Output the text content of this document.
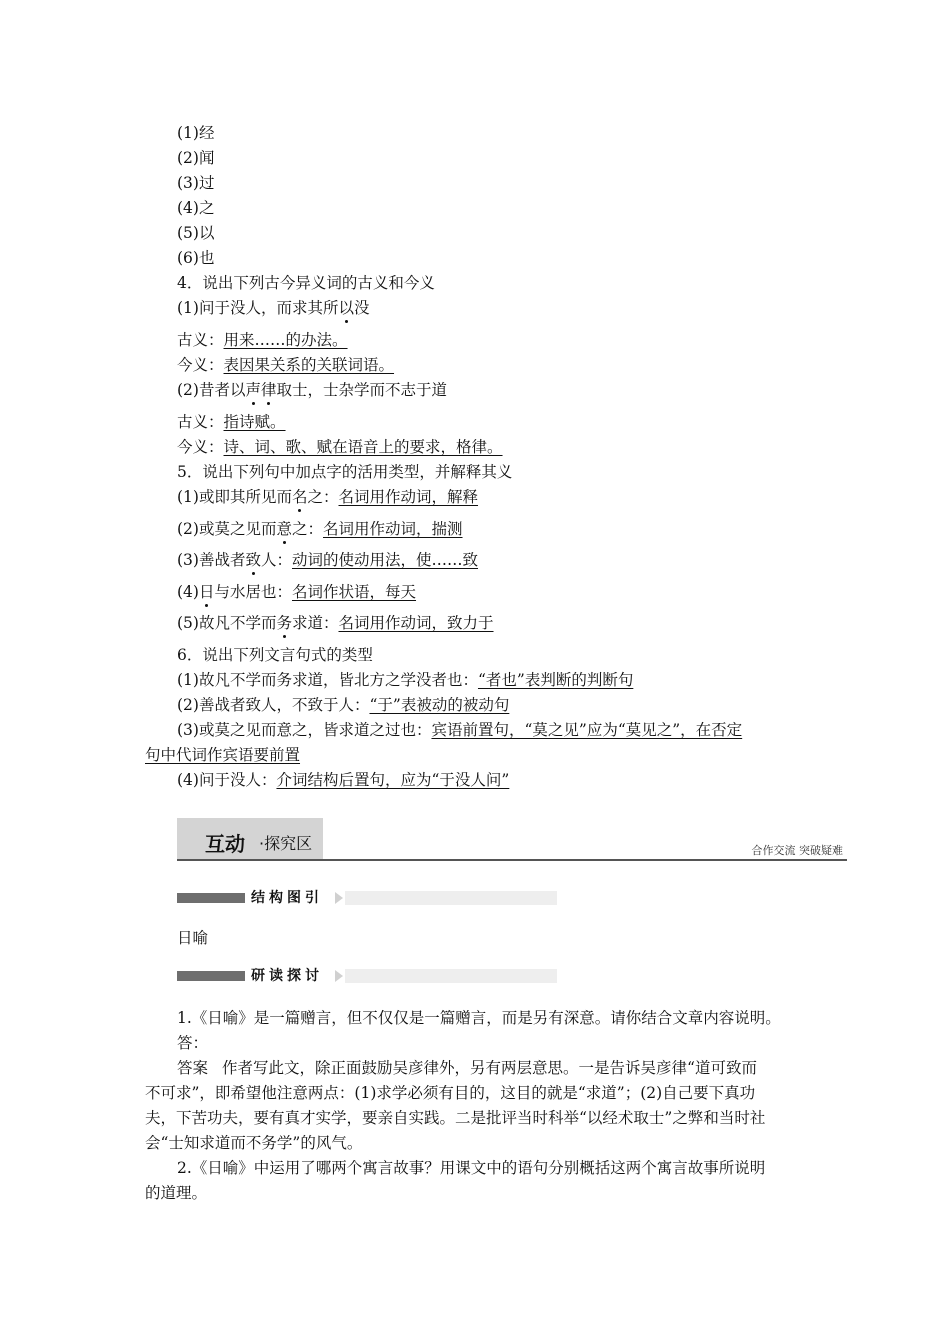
(1)经
(2)闻
(3)过
(4)之
(5)以
(6)也
4．说出下列古今异义词的古义和今义
(1)问于没人，而求其所以没
古义：用来……的办法。
今义：表因果关系的关联词语。
(2)昔者以声律取士，士杂学而不志于道
古义：指诗赋。
今义：诗、词、歌、赋在语音上的要求，格律。
5．说出下列句中加点字的活用类型，并解释其义
(1)或即其所见而名之：名词用作动词，解释
(2)或莫之见而意之：名词用作动词，揣测
(3)善战者致人：动词的使动用法，使……致
(4)日与水居也：名词作状语，每天
(5)故凡不学而务求道：名词用作动词，致力于
6．说出下列文言句式的类型
(1)故凡不学而务求道，皆北方之学没者也：“者也”表判断的判断句
(2)善战者致人，不致于人：“于”表被动的被动句
(3)或莫之见而意之，皆求道之过也：宾语前置句，“莫之见”应为“莫见之”，在否定
句中代词作宾语要前置
(4)问于没人：介词结构后置句，应为“于没人问”
互动 ·探究区	合作交流 突破疑难
结构图引
日喻
研读探讨
1.《日喻》是一篇赠言，但不仅仅是一篇赠言，而是另有深意。请你结合文章内容说明。
答：
答案 作者写此文，除正面鼓励吴彦律外，另有两层意思。一是告诉吴彦律“道可致而
不可求”，即希望他注意两点：(1)求学必须有目的，这目的就是“求道”；(2)自己要下真功
夫，下苦功夫，要有真才实学，要亲自实践。二是批评当时科举“以经术取士”之弊和当时社
会“士知求道而不务学”的风气。
2.《日喻》中运用了哪两个寓言故事？用课文中的语句分别概括这两个寓言故事所说明
的道理。
